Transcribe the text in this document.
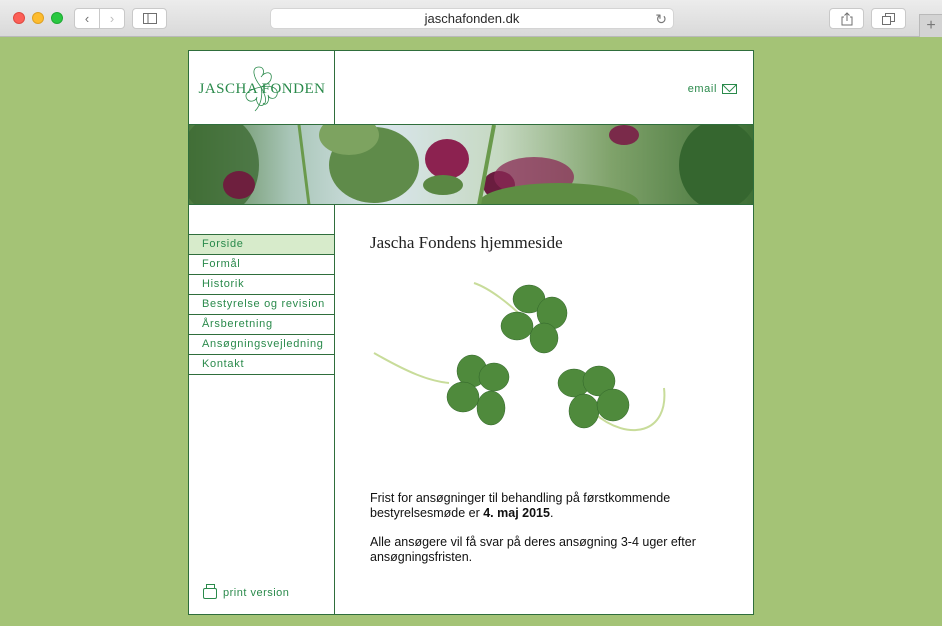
‹ ›	jaschafonden.dk	↻	+
JASCHA FONDEN	email
Forside
Formål
Historik
Bestyrelse og revision
Årsberetning
Ansøgningsvejledning
Kontakt
print version
Jascha Fondens hjemmeside

Frist for ansøgninger til behandling på førstkommende bestyrelsesmøde er 4. maj 2015.

Alle ansøgere vil få svar på deres ansøgning 3-4 uger efter ansøgningsfristen.
